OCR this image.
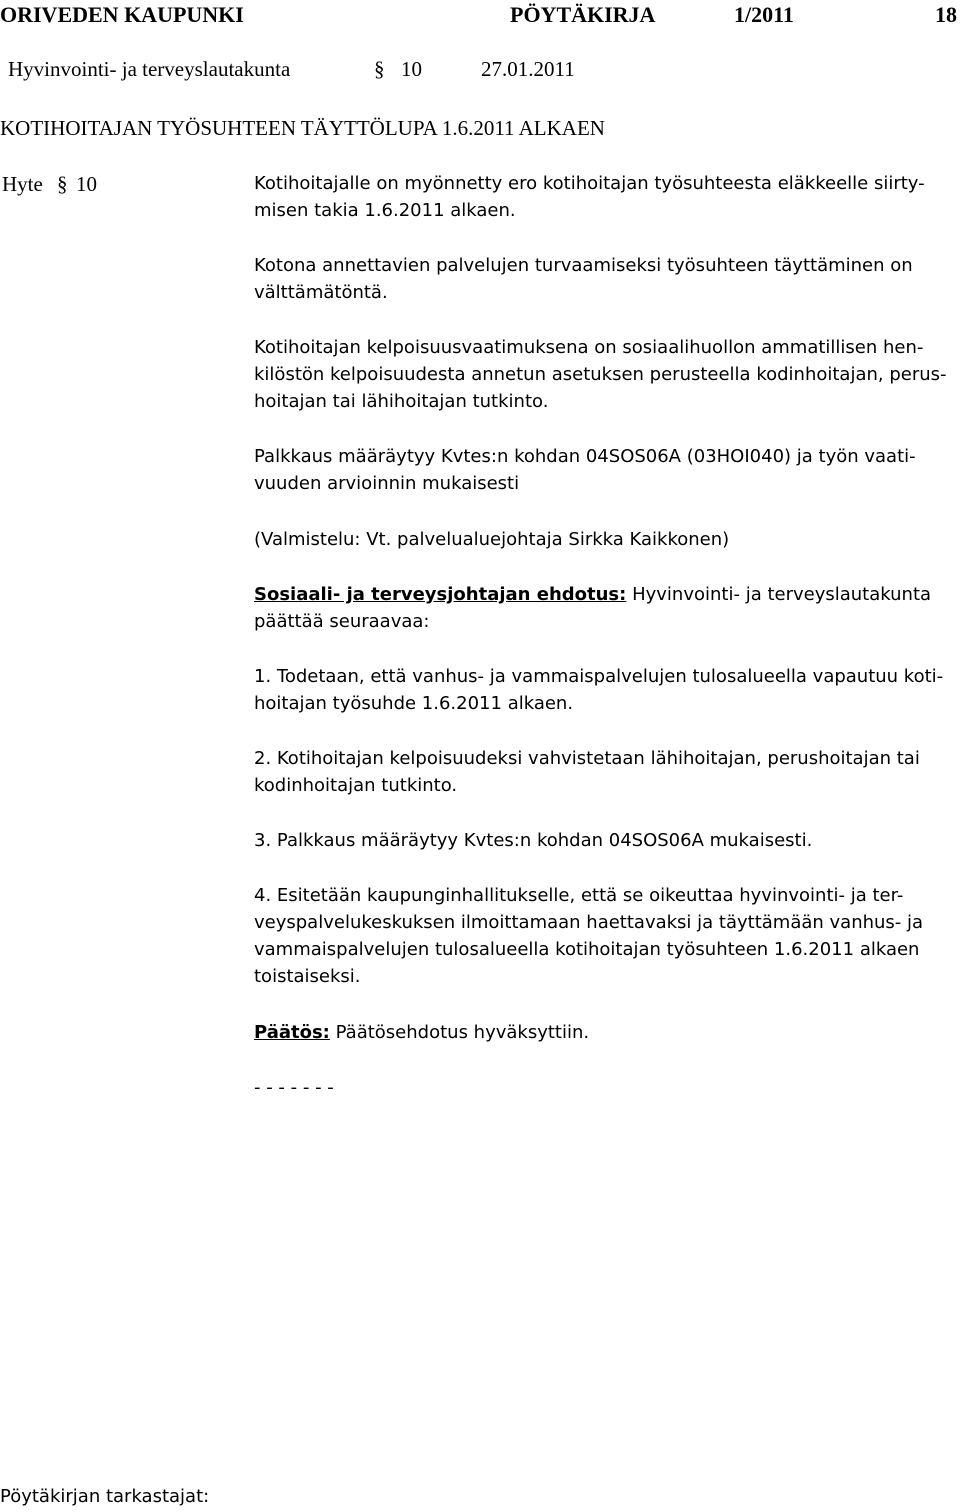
ORIVEDEN KAUPUNKI	PÖYTÄKIRJA	1/2011	18
Hyvinvointi- ja terveyslautakunta	§ 10	27.01.2011
KOTIHOITAJAN TYÖSUHTEEN TÄYTTÖLUPA 1.6.2011 ALKAEN
Hyte § 10	Kotihoitajalle on myönnetty ero kotihoitajan työsuhteesta eläkkeelle siirty-
misen takia 1.6.2011 alkaen.
Kotona annettavien palvelujen turvaamiseksi työsuhteen täyttäminen on
välttämätöntä.
Kotihoitajan kelpoisuusvaatimuksena on sosiaalihuollon ammatillisen hen-
kilöstön kelpoisuudesta annetun asetuksen perusteella kodinhoitajan, perus-
hoitajan tai lähihoitajan tutkinto.
Palkkaus määräytyy Kvtes:n kohdan 04SOS06A (03HOI040) ja työn vaati-
vuuden arvioinnin mukaisesti
(Valmistelu: Vt. palvelualuejohtaja Sirkka Kaikkonen)
Sosiaali- ja terveysjohtajan ehdotus: Hyvinvointi- ja terveyslautakunta
päättää seuraavaa:
1. Todetaan, että vanhus- ja vammaispalvelujen tulosalueella vapautuu koti-
hoitajan työsuhde 1.6.2011 alkaen.
2. Kotihoitajan kelpoisuudeksi vahvistetaan lähihoitajan, perushoitajan tai
kodinhoitajan tutkinto.
3. Palkkaus määräytyy Kvtes:n kohdan 04SOS06A mukaisesti.
4. Esitetään kaupunginhallitukselle, että se oikeuttaa hyvinvointi- ja ter-
veyspalvelukeskuksen ilmoittamaan haettavaksi ja täyttämään vanhus- ja
vammaispalvelujen tulosalueella kotihoitajan työsuhteen 1.6.2011 alkaen
toistaiseksi.
Päätös: Päätösehdotus hyväksyttiin.
- - - - - - -
Pöytäkirjan tarkastajat:
